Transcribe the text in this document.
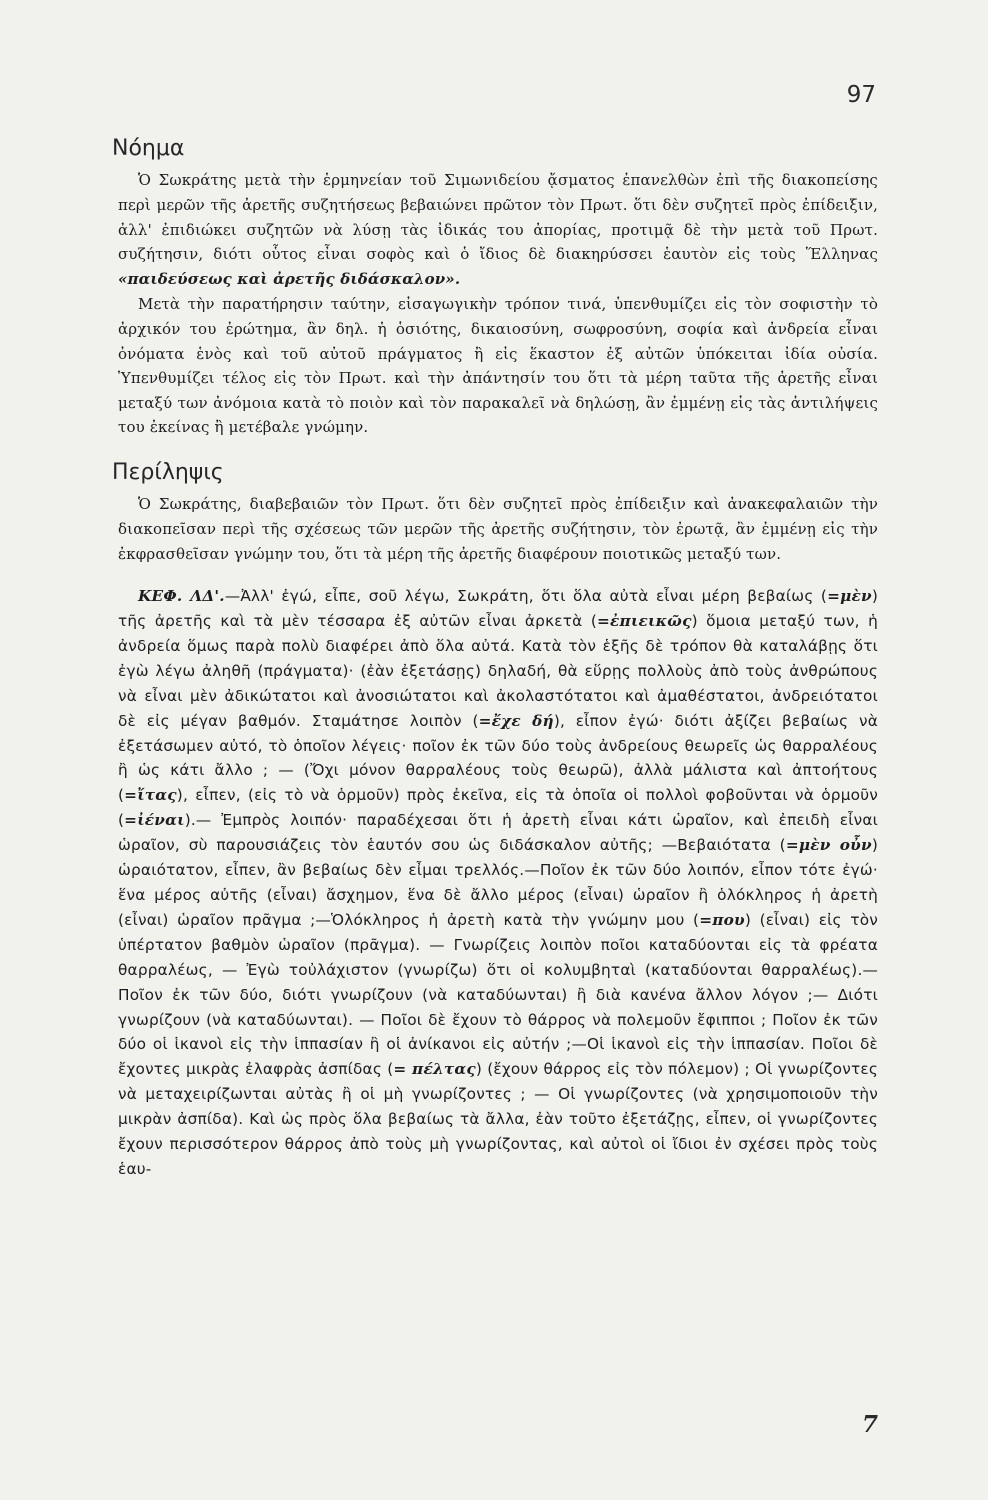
97
Νόημα

Ὁ Σωκράτης μετὰ τὴν ἑρμηνείαν τοῦ Σιμωνιδείου ᾄσματος ἐπανελθὼν ἐπὶ τῆς διακοπείσης περὶ μερῶν τῆς ἀρετῆς συζητήσεως βεβαιώνει πρῶτον τὸν Πρωτ. ὅτι δὲν συζητεῖ πρὸς ἐπίδειξιν, ἀλλ' ἐπιδιώκει συζητῶν νὰ λύσῃ τὰς ἰδικάς του ἀπορίας, προτιμᾷ δὲ τὴν μετὰ τοῦ Πρωτ. συζήτησιν, διότι οὗτος εἶναι σοφὸς καὶ ὁ ἴδιος δὲ διακηρύσσει ἑαυτὸν εἰς τοὺς Ἕλληνας «παιδεύσεως καὶ ἀρετῆς διδάσκαλον».

Μετὰ τὴν παρατήρησιν ταύτην, εἰσαγωγικὴν τρόπον τινά, ὑπενθυμίζει εἰς τὸν σοφιστὴν τὸ ἀρχικόν του ἐρώτημα, ἂν δηλ. ἡ ὁσιότης, δικαιοσύνη, σωφροσύνη, σοφία καὶ ἀνδρεία εἶναι ὀνόματα ἑνὸς καὶ τοῦ αὐτοῦ πράγματος ἢ εἰς ἕκαστον ἐξ αὐτῶν ὑπόκειται ἰδία οὐσία. Ὑπενθυμίζει τέλος εἰς τὸν Πρωτ. καὶ τὴν ἀπάντησίν του ὅτι τὰ μέρη ταῦτα τῆς ἀρετῆς εἶναι μεταξύ των ἀνόμοια κατὰ τὸ ποιὸν καὶ τὸν παρακαλεῖ νὰ δηλώσῃ, ἂν ἐμμένῃ εἰς τὰς ἀντιλήψεις του ἐκείνας ἢ μετέβαλε γνώμην.

Περίληψις

Ὁ Σωκράτης, διαβεβαιῶν τὸν Πρωτ. ὅτι δὲν συζητεῖ πρὸς ἐπίδειξιν καὶ ἀνακεφαλαιῶν τὴν διακοπεῖσαν περὶ τῆς σχέσεως τῶν μερῶν τῆς ἀρετῆς συζήτησιν, τὸν ἐρωτᾷ, ἂν ἐμμένῃ εἰς τὴν ἐκφρασθεῖσαν γνώμην του, ὅτι τὰ μέρη τῆς ἀρετῆς διαφέρουν ποιοτικῶς μεταξύ των.

ΚΕΦ. ΛΔ'.—Ἀλλ' ἐγώ, εἶπε, σοῦ λέγω, Σωκράτη, ὅτι ὅλα αὐτὰ εἶναι μέρη βεβαίως (=μὲν) τῆς ἀρετῆς καὶ τὰ μὲν τέσσαρα ἐξ αὐτῶν εἶναι ἀρκετὰ (=ἐπιεικῶς) ὅμοια μεταξύ των, ἡ ἀνδρεία ὅμως παρὰ πολὺ διαφέρει ἀπὸ ὅλα αὐτά. Κατὰ τὸν ἑξῆς δὲ τρόπον θὰ καταλάβῃς ὅτι ἐγὼ λέγω ἀληθῆ (πράγματα)· (ἐὰν ἐξετάσῃς) δηλαδή, θὰ εὕρῃς πολλοὺς ἀπὸ τοὺς ἀνθρώπους νὰ εἶναι μὲν ἀδικώτατοι καὶ ἀνοσιώτατοι καὶ ἀκολαστότατοι καὶ ἀμαθέστατοι, ἀνδρειότατοι δὲ εἰς μέγαν βαθμόν. Σταμάτησε λοιπὸν (=ἔχε δή), εἶπον ἐγώ· διότι ἀξίζει βεβαίως νὰ ἐξετάσωμεν αὐτό, τὸ ὁποῖον λέγεις· ποῖον ἐκ τῶν δύο τοὺς ἀνδρείους θεωρεῖς ὡς θαρραλέους ἢ ὡς κάτι ἄλλο ; — (Ὄχι μόνον θαρραλέους τοὺς θεωρῶ), ἀλλὰ μάλιστα καὶ ἀπτοήτους (=ἴτας), εἶπεν, (εἰς τὸ νὰ ὁρμοῦν) πρὸς ἐκεῖνα, εἰς τὰ ὁποῖα οἱ πολλοὶ φοβοῦνται νὰ ὁρμοῦν (=ἰέναι).— Ἐμπρὸς λοιπόν· παραδέχεσαι ὅτι ἡ ἀρετὴ εἶναι κάτι ὡραῖον, καὶ ἐπειδὴ εἶναι ὡραῖον, σὺ παρουσιάζεις τὸν ἑαυτόν σου ὡς διδάσκαλον αὐτῆς; —Βεβαιότατα (=μὲν οὖν) ὡραιότατον, εἶπεν, ἂν βεβαίως δὲν εἶμαι τρελλός.—Ποῖον ἐκ τῶν δύο λοιπόν, εἶπον τότε ἐγώ· ἕνα μέρος αὐτῆς (εἶναι) ἄσχημον, ἕνα δὲ ἄλλο μέρος (εἶναι) ὡραῖον ἢ ὁλόκληρος ἡ ἀρετὴ (εἶναι) ὡραῖον πρᾶγμα ;—Ὁλόκληρος ἡ ἀρετὴ κατὰ τὴν γνώμην μου (=που) (εἶναι) εἰς τὸν ὑπέρτατον βαθμὸν ὡραῖον (πρᾶγμα). — Γνωρίζεις λοιπὸν ποῖοι καταδύονται εἰς τὰ φρέατα θαρραλέως, — Ἐγὼ τοὐλάχιστον (γνωρίζω) ὅτι οἱ κολυμβηταὶ (καταδύονται θαρραλέως).—Ποῖον ἐκ τῶν δύο, διότι γνωρίζουν (νὰ καταδύωνται) ἢ διὰ κανένα ἄλλον λόγον ;— Διότι γνωρίζουν (νὰ καταδύωνται). — Ποῖοι δὲ ἔχουν τὸ θάρρος νὰ πολεμοῦν ἔφιπποι ; Ποῖον ἐκ τῶν δύο οἱ ἱκανοὶ εἰς τὴν ἱππασίαν ἢ οἱ ἀνίκανοι εἰς αὐτήν ;—Οἱ ἱκανοὶ εἰς τὴν ἱππασίαν. Ποῖοι δὲ ἔχοντες μικρὰς ἐλαφρὰς ἀσπίδας (= πέλτας) (ἔχουν θάρρος εἰς τὸν πόλεμον) ; Οἱ γνωρίζοντες νὰ μεταχειρίζωνται αὐτὰς ἢ οἱ μὴ γνωρίζοντες ; — Οἱ γνωρίζοντες (νὰ χρησιμοποιοῦν τὴν μικρὰν ἀσπίδα). Καὶ ὡς πρὸς ὅλα βεβαίως τὰ ἄλλα, ἐὰν τοῦτο ἐξετάζῃς, εἶπεν, οἱ γνωρίζοντες ἔχουν περισσότερον θάρρος ἀπὸ τοὺς μὴ γνωρίζοντας, καὶ αὐτοὶ οἱ ἴδιοι ἐν σχέσει πρὸς τοὺς ἑαυ-

7
